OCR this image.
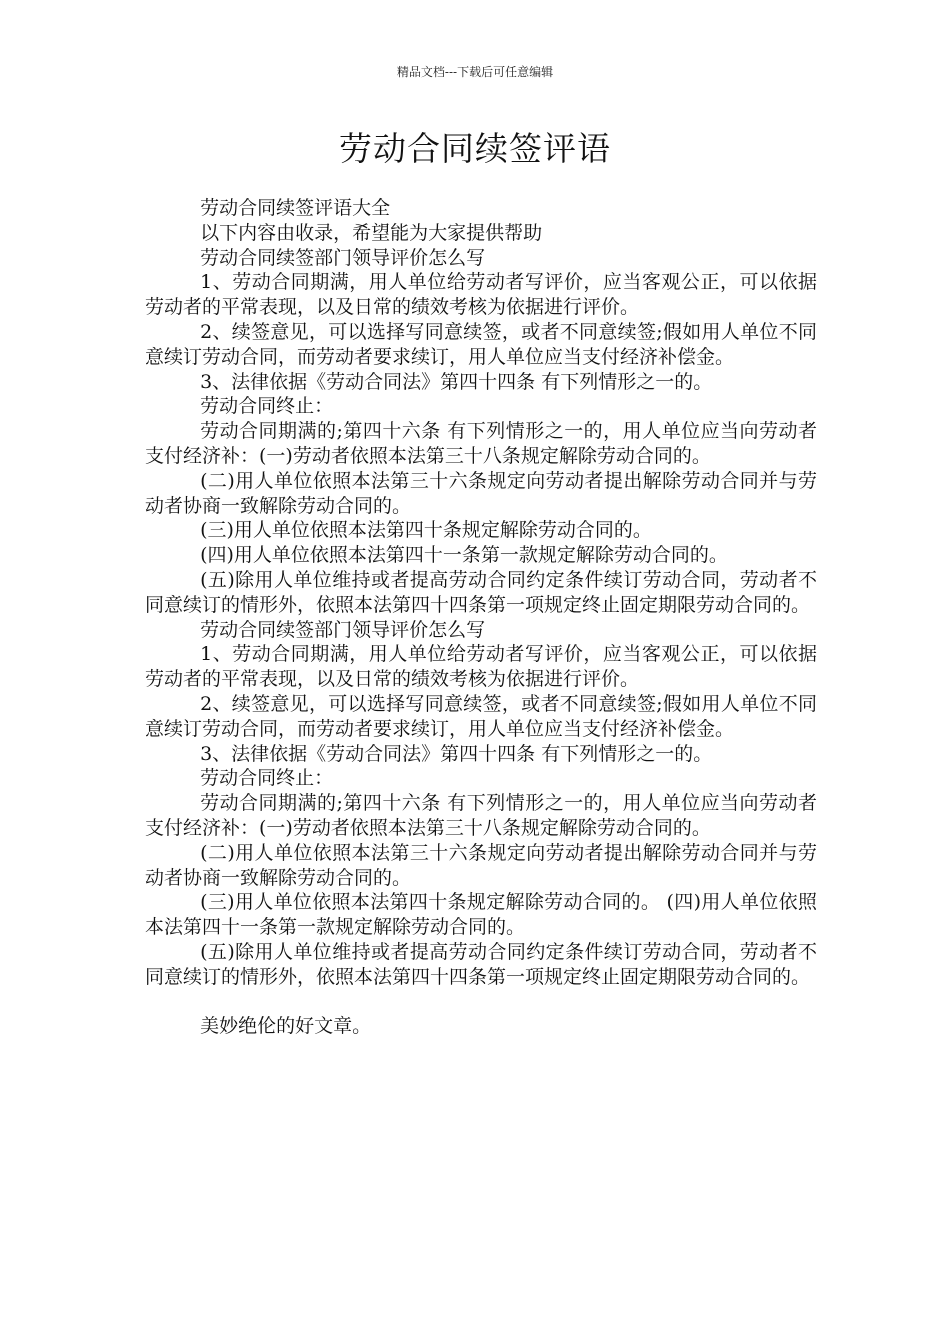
精品文档---下载后可任意编辑
劳动合同续签评语

劳动合同续签评语大全

以下内容由收录，希望能为大家提供帮助

劳动合同续签部门领导评价怎么写

1、劳动合同期满，用人单位给劳动者写评价，应当客观公正，可以依据劳动者的平常表现，以及日常的绩效考核为依据进行评价。

2、续签意见，可以选择写同意续签，或者不同意续签;假如用人单位不同意续订劳动合同，而劳动者要求续订，用人单位应当支付经济补偿金。

3、法律依据《劳动合同法》第四十四条 有下列情形之一的。

劳动合同终止：

劳动合同期满的;第四十六条 有下列情形之一的，用人单位应当向劳动者支付经济补：(一)劳动者依照本法第三十八条规定解除劳动合同的。

(二)用人单位依照本法第三十六条规定向劳动者提出解除劳动合同并与劳动者协商一致解除劳动合同的。

(三)用人单位依照本法第四十条规定解除劳动合同的。

(四)用人单位依照本法第四十一条第一款规定解除劳动合同的。

(五)除用人单位维持或者提高劳动合同约定条件续订劳动合同，劳动者不同意续订的情形外，依照本法第四十四条第一项规定终止固定期限劳动合同的。

劳动合同续签部门领导评价怎么写

1、劳动合同期满，用人单位给劳动者写评价，应当客观公正，可以依据劳动者的平常表现，以及日常的绩效考核为依据进行评价。

2、续签意见，可以选择写同意续签，或者不同意续签;假如用人单位不同意续订劳动合同，而劳动者要求续订，用人单位应当支付经济补偿金。

3、法律依据《劳动合同法》第四十四条 有下列情形之一的。

劳动合同终止：

劳动合同期满的;第四十六条 有下列情形之一的，用人单位应当向劳动者支付经济补：(一)劳动者依照本法第三十八条规定解除劳动合同的。

(二)用人单位依照本法第三十六条规定向劳动者提出解除劳动合同并与劳动者协商一致解除劳动合同的。

(三)用人单位依照本法第四十条规定解除劳动合同的。 (四)用人单位依照本法第四十一条第一款规定解除劳动合同的。

(五)除用人单位维持或者提高劳动合同约定条件续订劳动合同，劳动者不同意续订的情形外，依照本法第四十四条第一项规定终止固定期限劳动合同的。

美妙绝伦的好文章。
